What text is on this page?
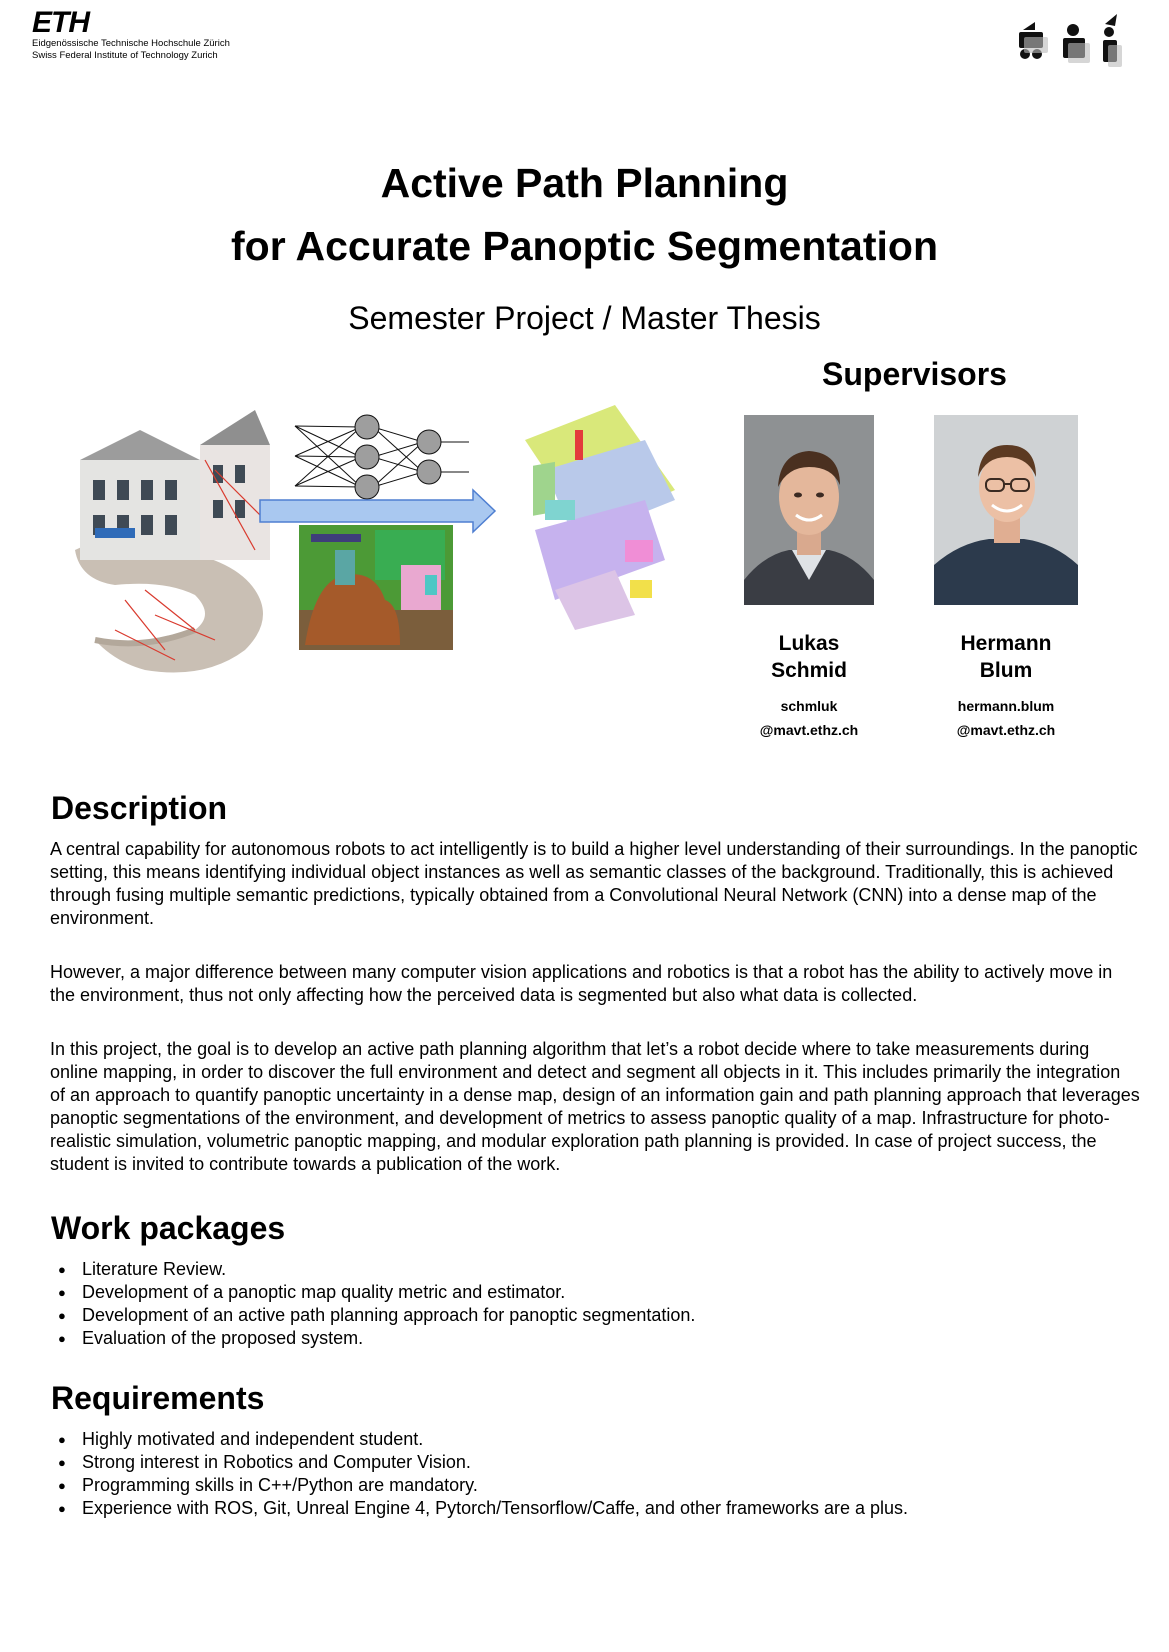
ETH
Eidgenössische Technische Hochschule Zürich
Swiss Federal Institute of Technology Zurich
Active Path Planning
for Accurate Panoptic Segmentation
Semester Project / Master Thesis
Supervisors
Lukas
Schmid
Hermann
Blum
schmluk
@mavt.ethz.ch
hermann.blum
@mavt.ethz.ch
Description

A central capability for autonomous robots to act intelligently is to build a higher level understanding of their surroundings. In the panoptic setting, this means identifying individual object instances as well as semantic classes of the background. Traditionally, this is achieved through fusing multiple semantic predictions, typically obtained from a Convolutional Neural Network (CNN) into a dense map of the environment.

However, a major difference between many computer vision applications and robotics is that a robot has the ability to actively move in the environment, thus not only affecting how the perceived data is segmented but also what data is collected.

In this project, the goal is to develop an active path planning algorithm that let’s a robot decide where to take measurements during online mapping, in order to discover the full environment and detect and segment all objects in it. This includes primarily the integration of an approach to quantify panoptic uncertainty in a dense map, design of an information gain and path planning approach that leverages panoptic segmentations of the environment, and development of metrics to assess panoptic quality of a map. Infrastructure for photo-realistic simulation, volumetric panoptic mapping, and modular exploration path planning is provided. In case of project success, the student is invited to contribute towards a publication of the work.

Work packages
● Literature Review.
● Development of a panoptic map quality metric and estimator.
● Development of an active path planning approach for panoptic segmentation.
● Evaluation of the proposed system.
Requirements
● Highly motivated and independent student.
● Strong interest in Robotics and Computer Vision.
● Programming skills in C++/Python are mandatory.
● Experience with ROS, Git, Unreal Engine 4, Pytorch/Tensorflow/Caffe, and other frameworks are a plus.
